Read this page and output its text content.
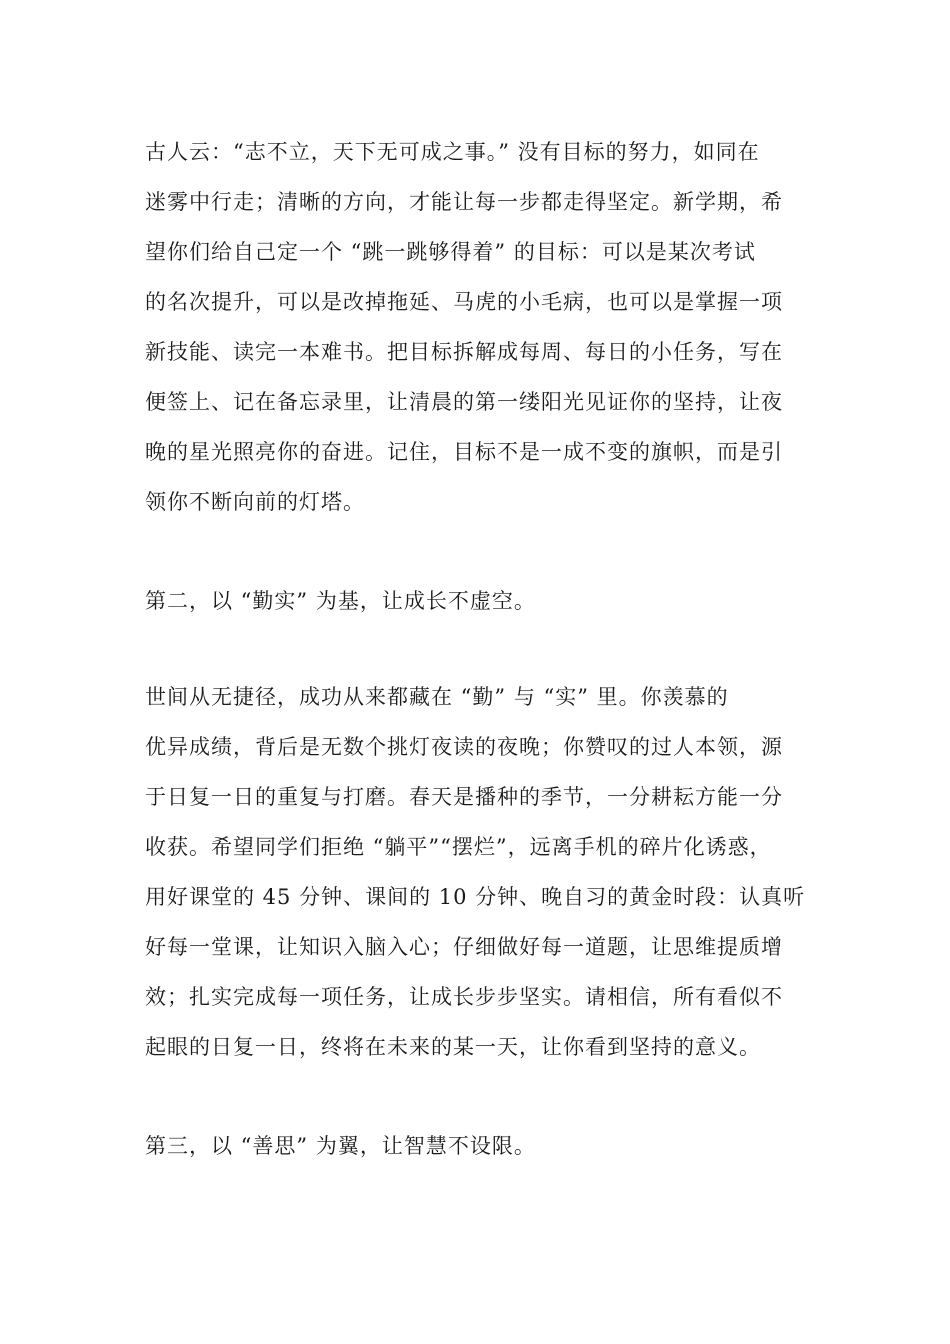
古人云：“志不立，天下无可成之事。” 没有目标的努力，如同在
迷雾中行走；清晰的方向，才能让每一步都走得坚定。新学期，希
望你们给自己定一个 “跳一跳够得着” 的目标：可以是某次考试
的名次提升，可以是改掉拖延、马虎的小毛病，也可以是掌握一项
新技能、读完一本难书。把目标拆解成每周、每日的小任务，写在
便签上、记在备忘录里，让清晨的第一缕阳光见证你的坚持，让夜
晚的星光照亮你的奋进。记住，目标不是一成不变的旗帜，而是引
领你不断向前的灯塔。
第二，以 “勤实” 为基，让成长不虚空。
世间从无捷径，成功从来都藏在 “勤” 与 “实” 里。你羡慕的
优异成绩，背后是无数个挑灯夜读的夜晚；你赞叹的过人本领，源
于日复一日的重复与打磨。春天是播种的季节，一分耕耘方能一分
收获。希望同学们拒绝 “躺平”“摆烂”，远离手机的碎片化诱惑，
用好课堂的 45 分钟、课间的 10 分钟、晚自习的黄金时段：认真听
好每一堂课，让知识入脑入心；仔细做好每一道题，让思维提质增
效；扎实完成每一项任务，让成长步步坚实。请相信，所有看似不
起眼的日复一日，终将在未来的某一天，让你看到坚持的意义。
第三，以 “善思” 为翼，让智慧不设限。
